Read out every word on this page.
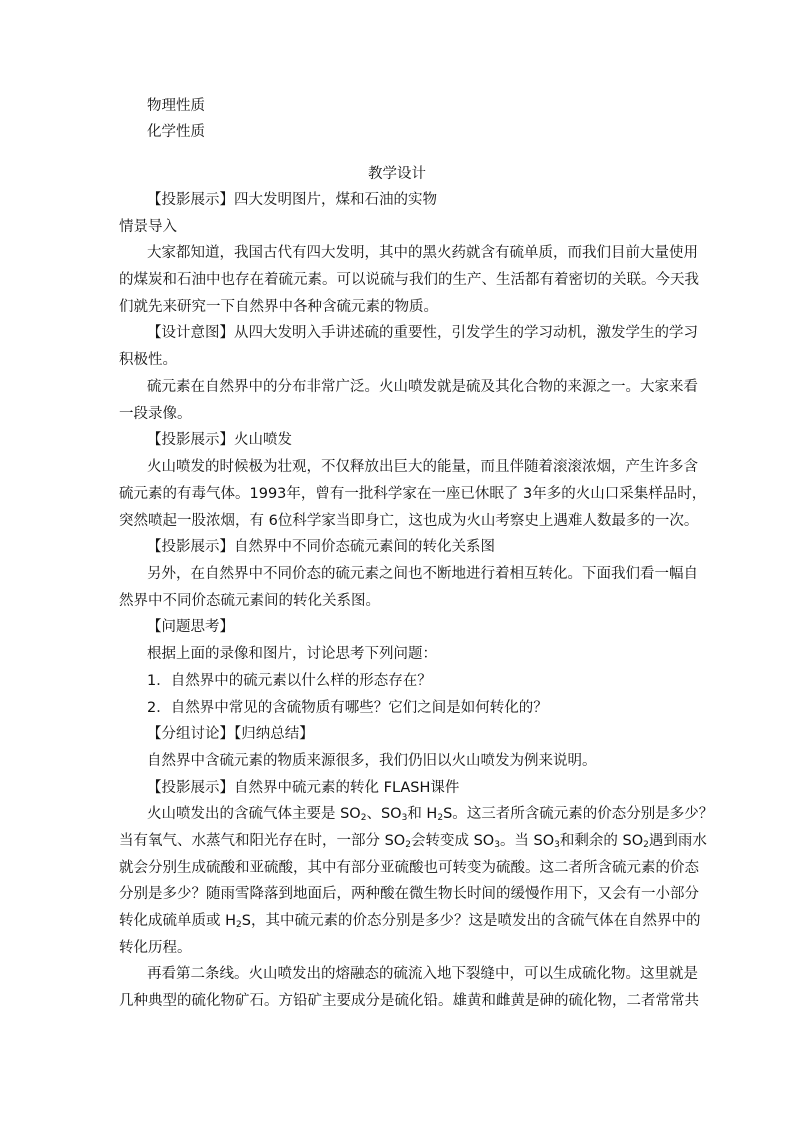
物理性质
化学性质
教学设计
【投影展示】四大发明图片，煤和石油的实物
情景导入
大家都知道，我国古代有四大发明，其中的黑火药就含有硫单质，而我们目前大量使用
的煤炭和石油中也存在着硫元素。可以说硫与我们的生产、生活都有着密切的关联。今天我
们就先来研究一下自然界中各种含硫元素的物质。
【设计意图】从四大发明入手讲述硫的重要性，引发学生的学习动机，激发学生的学习
积极性。
硫元素在自然界中的分布非常广泛。火山喷发就是硫及其化合物的来源之一。大家来看
一段录像。
【投影展示】火山喷发
火山喷发的时候极为壮观，不仅释放出巨大的能量，而且伴随着滚滚浓烟，产生许多含
硫元素的有毒气体。1993年，曾有一批科学家在一座已休眠了 3年多的火山口采集样品时，
突然喷起一股浓烟，有 6位科学家当即身亡，这也成为火山考察史上遇难人数最多的一次。
【投影展示】自然界中不同价态硫元素间的转化关系图
另外，在自然界中不同价态的硫元素之间也不断地进行着相互转化。下面我们看一幅自
然界中不同价态硫元素间的转化关系图。
【问题思考】
根据上面的录像和图片，讨论思考下列问题：
1．自然界中的硫元素以什么样的形态存在？
2．自然界中常见的含硫物质有哪些？它们之间是如何转化的？
【分组讨论】【归纳总结】
自然界中含硫元素的物质来源很多，我们仍旧以火山喷发为例来说明。
【投影展示】自然界中硫元素的转化 FLASH课件
火山喷发出的含硫气体主要是 $SO_2$、$SO_3$和 $H_2S$。这三者所含硫元素的价态分别是多少？
当有氧气、水蒸气和阳光存在时，一部分 $SO_2$会转变成 $SO_3$。当 $SO_3$和剩余的 $SO_2$遇到雨水
就会分别生成硫酸和亚硫酸，其中有部分亚硫酸也可转变为硫酸。这二者所含硫元素的价态
分别是多少？随雨雪降落到地面后，两种酸在微生物长时间的缓慢作用下，又会有一小部分
转化成硫单质或 $H_2S$，其中硫元素的价态分别是多少？这是喷发出的含硫气体在自然界中的
转化历程。
再看第二条线。火山喷发出的熔融态的硫流入地下裂缝中，可以生成硫化物。这里就是
几种典型的硫化物矿石。方铅矿主要成分是硫化铅。雄黄和雌黄是砷的硫化物，二者常常共
